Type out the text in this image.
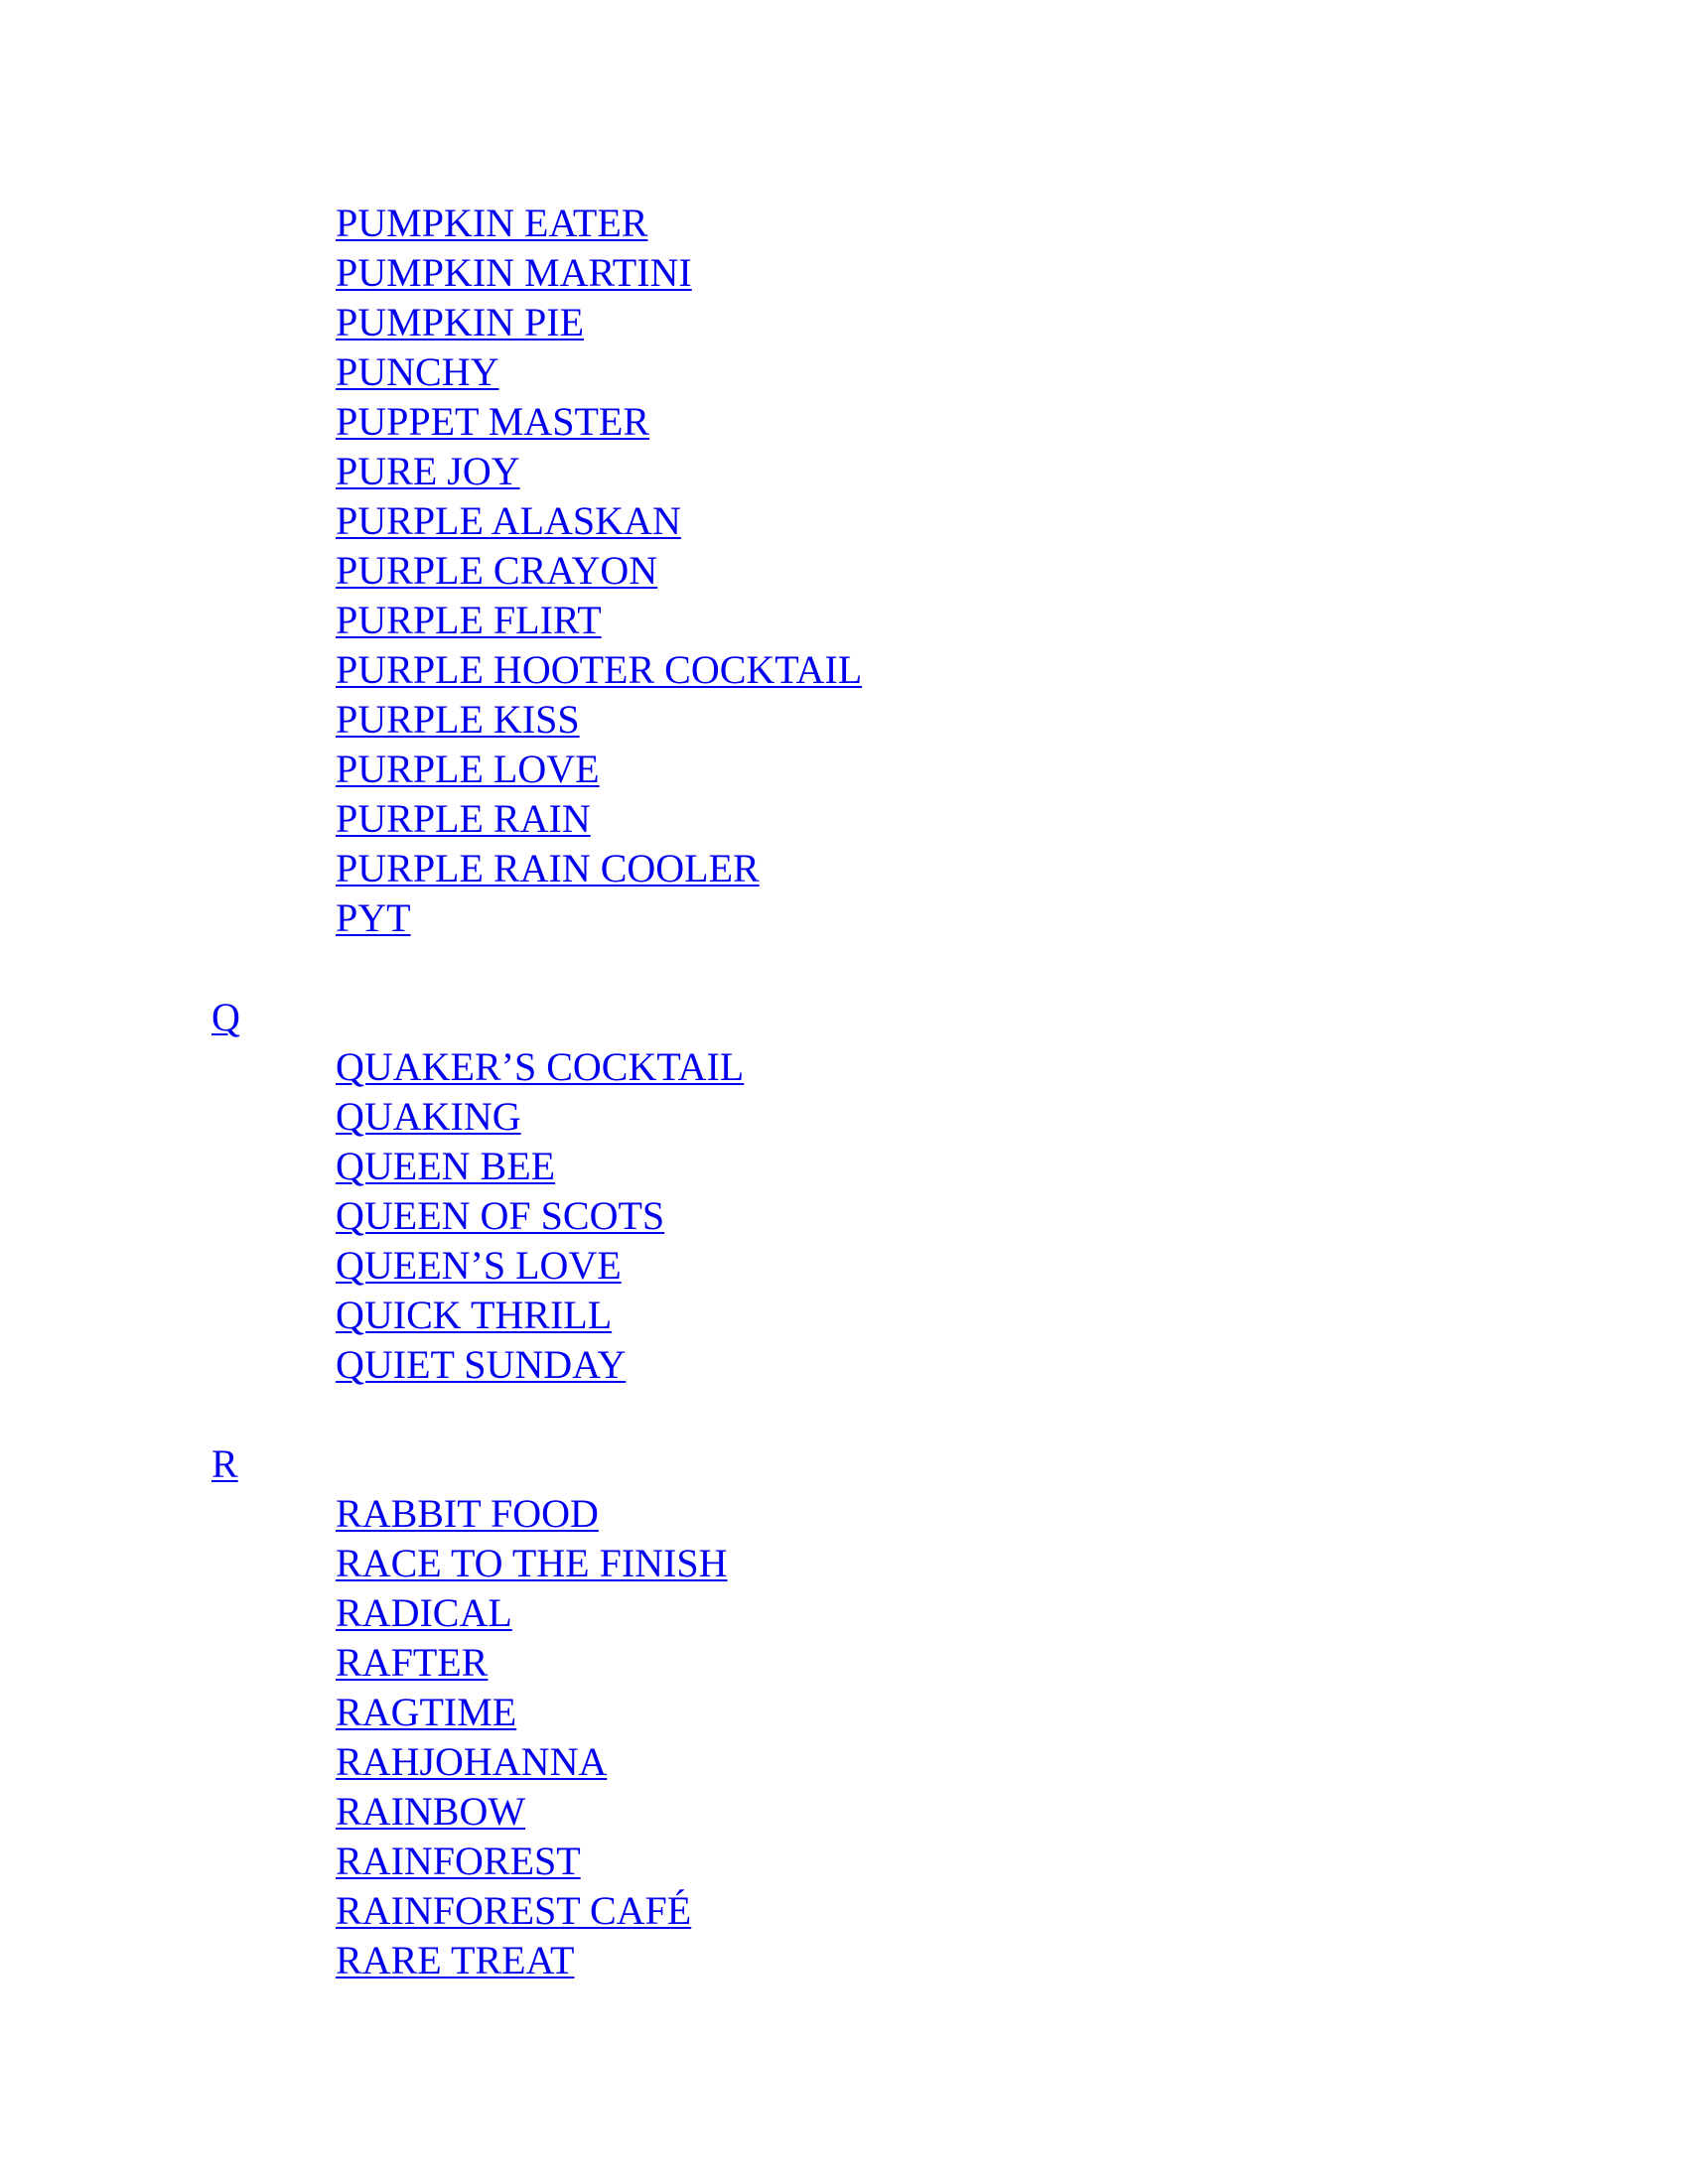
PUMPKIN EATER
PUMPKIN MARTINI
PUMPKIN PIE
PUNCHY
PUPPET MASTER
PURE JOY
PURPLE ALASKAN
PURPLE CRAYON
PURPLE FLIRT
PURPLE HOOTER COCKTAIL
PURPLE KISS
PURPLE LOVE
PURPLE RAIN
PURPLE RAIN COOLER
PYT
Q
QUAKER’S COCKTAIL
QUAKING
QUEEN BEE
QUEEN OF SCOTS
QUEEN’S LOVE
QUICK THRILL
QUIET SUNDAY
R
RABBIT FOOD
RACE TO THE FINISH
RADICAL
RAFTER
RAGTIME
RAHJOHANNA
RAINBOW
RAINFOREST
RAINFOREST CAFÉ
RARE TREAT
